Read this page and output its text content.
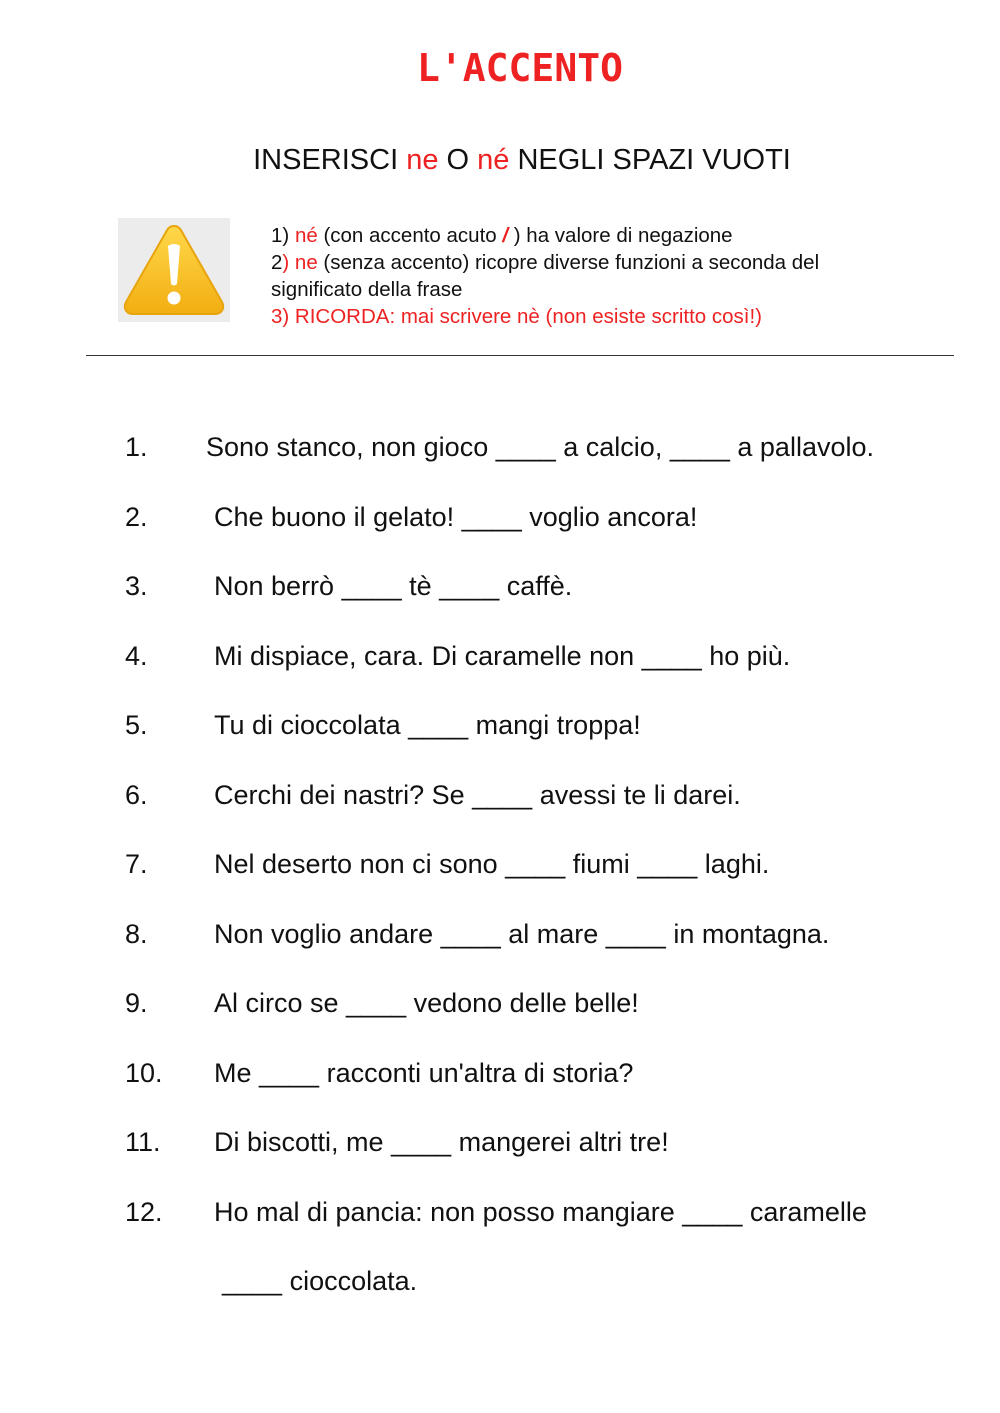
L'ACCENTO
INSERISCI ne O né NEGLI SPAZI VUOTI
1) né (con accento acuto / ) ha valore di negazione
2) ne (senza accento) ricopre diverse funzioni a seconda del
significato della frase
3) RICORDA: mai scrivere nè (non esiste scritto così!)
1. Sono stanco, non gioco ____ a calcio, ____ a pallavolo.
2. Che buono il gelato! ____ voglio ancora!
3. Non berrò ____ tè ____ caffè.
4. Mi dispiace, cara. Di caramelle non ____ ho più.
5. Tu di cioccolata ____ mangi troppa!
6. Cerchi dei nastri? Se ____ avessi te li darei.
7. Nel deserto non ci sono ____ fiumi ____ laghi.
8. Non voglio andare ____ al mare ____ in montagna.
9. Al circo se ____ vedono delle belle!
10. Me ____ racconti un'altra di storia?
11. Di biscotti, me ____ mangerei altri tre!
12. Ho mal di pancia: non posso mangiare ____ caramelle
____ cioccolata.
